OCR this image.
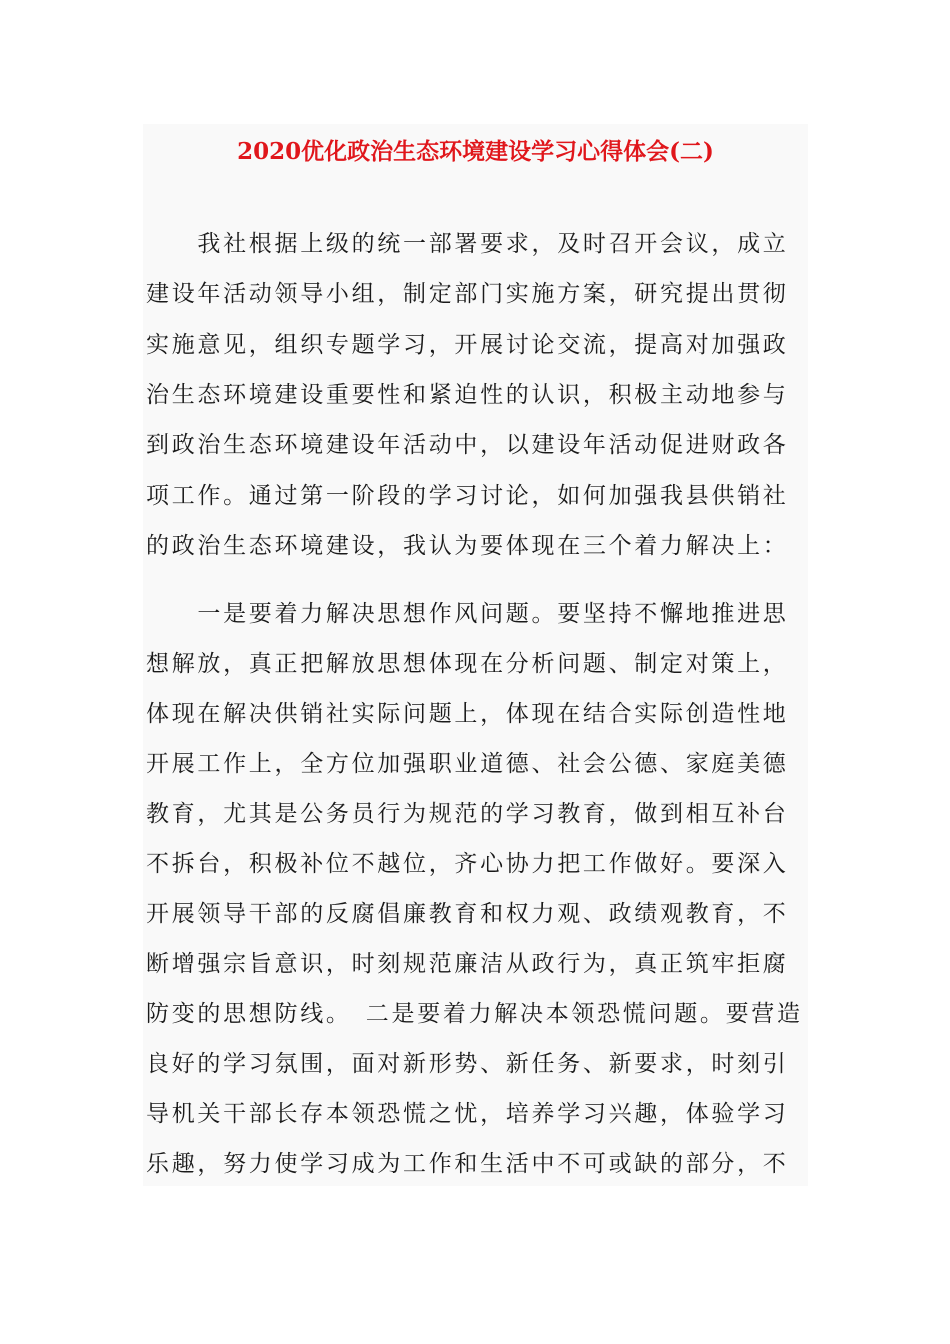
2020优化政治生态环境建设学习心得体会(二)
　　我社根据上级的统一部署要求，及时召开会议，成立
建设年活动领导小组，制定部门实施方案，研究提出贯彻
实施意见，组织专题学习，开展讨论交流，提高对加强政
治生态环境建设重要性和紧迫性的认识，积极主动地参与
到政治生态环境建设年活动中，以建设年活动促进财政各
项工作。通过第一阶段的学习讨论，如何加强我县供销社
的政治生态环境建设，我认为要体现在三个着力解决上：
　　一是要着力解决思想作风问题。要坚持不懈地推进思
想解放，真正把解放思想体现在分析问题、制定对策上，
体现在解决供销社实际问题上，体现在结合实际创造性地
开展工作上，全方位加强职业道德、社会公德、家庭美德
教育，尤其是公务员行为规范的学习教育，做到相互补台
不拆台，积极补位不越位，齐心协力把工作做好。要深入
开展领导干部的反腐倡廉教育和权力观、政绩观教育，不
断增强宗旨意识，时刻规范廉洁从政行为，真正筑牢拒腐
防变的思想防线。　二是要着力解决本领恐慌问题。要营造
良好的学习氛围，面对新形势、新任务、新要求，时刻引
导机关干部长存本领恐慌之忧，培养学习兴趣，体验学习
乐趣，努力使学习成为工作和生活中不可或缺的部分，不
